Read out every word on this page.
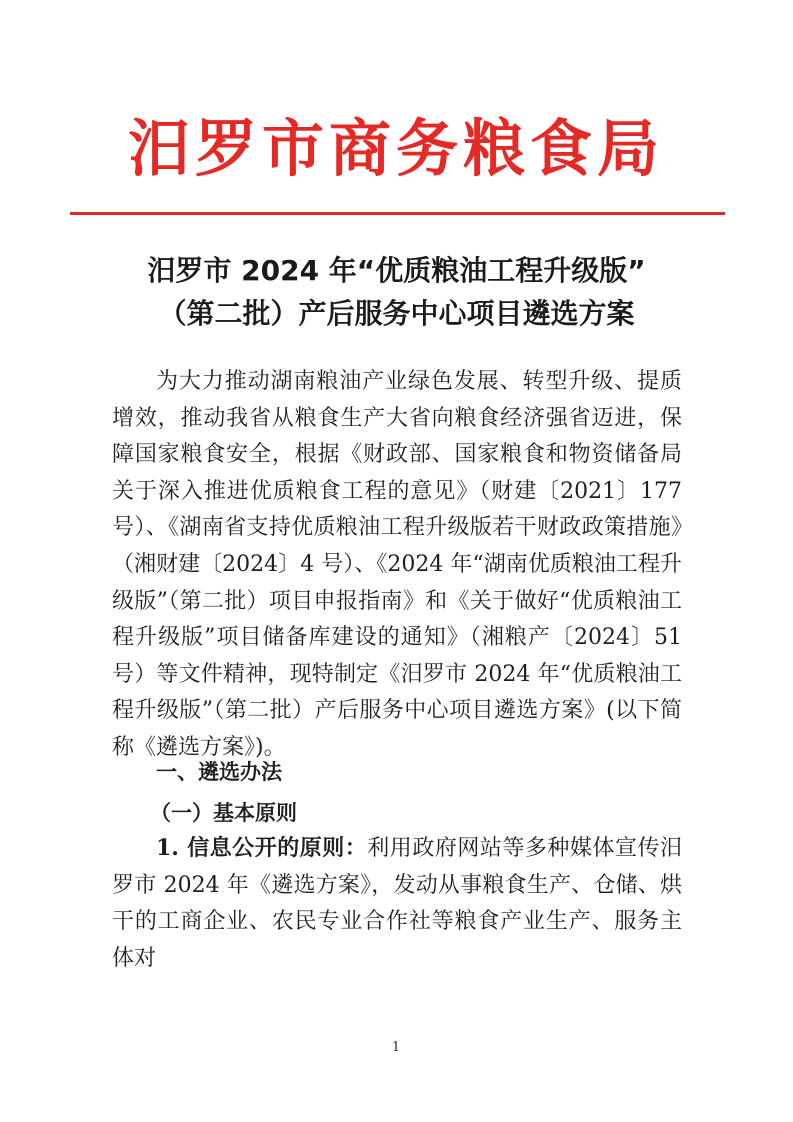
汨罗市商务粮食局
汨罗市 2024 年“优质粮油工程升级版”
（第二批）产后服务中心项目遴选方案
为大力推动湖南粮油产业绿色发展、转型升级、提质增效，推动我省从粮食生产大省向粮食经济强省迈进，保障国家粮食安全，根据《财政部、国家粮食和物资储备局关于深入推进优质粮食工程的意见》（财建〔2021〕177 号）、《湖南省支持优质粮油工程升级版若干财政政策措施》（湘财建〔2024〕4 号）、《2024 年“湖南优质粮油工程升级版”（第二批）项目申报指南》和《关于做好“优质粮油工程升级版”项目储备库建设的通知》（湘粮产〔2024〕51 号）等文件精神，现特制定《汨罗市 2024 年“优质粮油工程升级版”（第二批）产后服务中心项目遴选方案》(以下简称《遴选方案》)。
一、遴选办法
（一）基本原则
1. 信息公开的原则：利用政府网站等多种媒体宣传汨罗市 2024 年《遴选方案》，发动从事粮食生产、仓储、烘干的工商企业、农民专业合作社等粮食产业生产、服务主体对
1
